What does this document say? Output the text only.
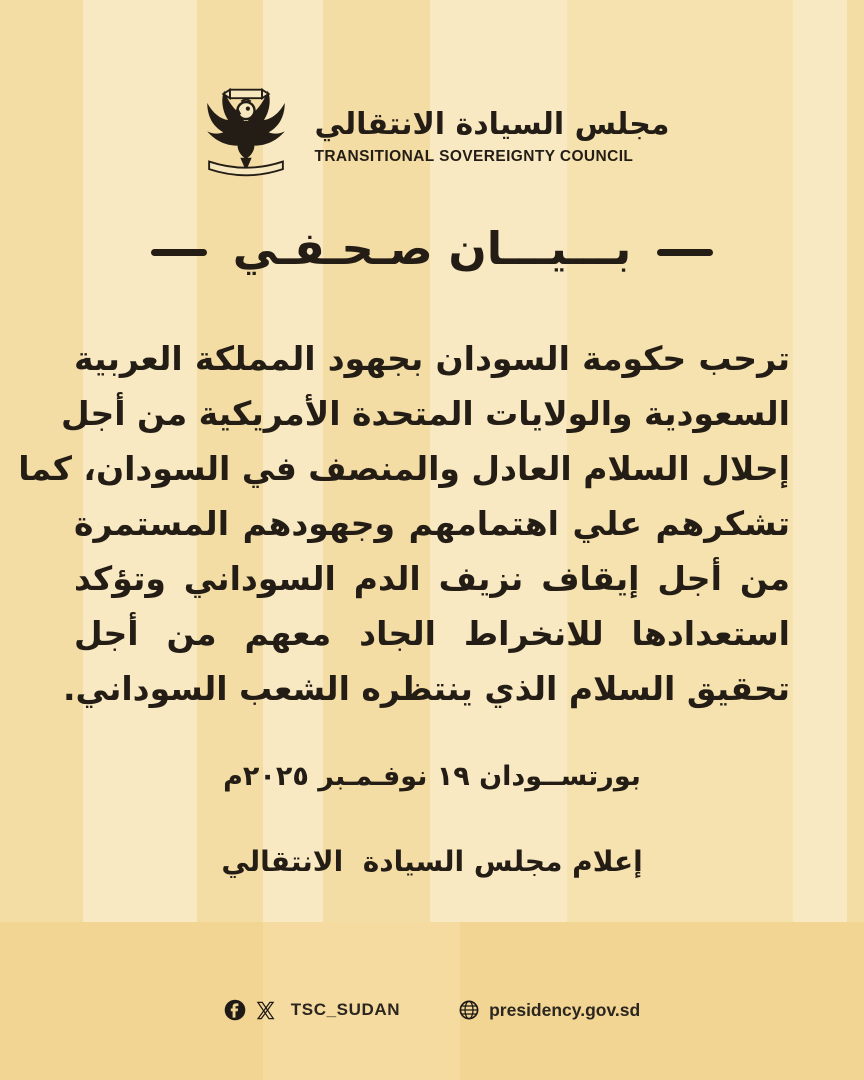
مجلس السيادة الانتقالي
TRANSITIONAL SOVEREIGNTY COUNCIL
بـــيـــان صـحـفـي
ترحب حكومة السودان بجهود المملكة العربية
السعودية والولايات المتحدة الأمريكية من أجل
إحلال السلام العادل والمنصف في السودان، كما
تشكرهم علي اهتمامهم وجهودهم المستمرة
من أجل إيقاف نزيف الدم السوداني وتؤكد
استعدادها للانخراط الجاد معهم من أجل
تحقيق السلام الذي ينتظره الشعب السوداني.
بورتســودان ١٩ نوفـمـبر ٢٠٢٥م
إعلام مجلس السيادة  الانتقالي
TSC_SUDAN	presidency.gov.sd
